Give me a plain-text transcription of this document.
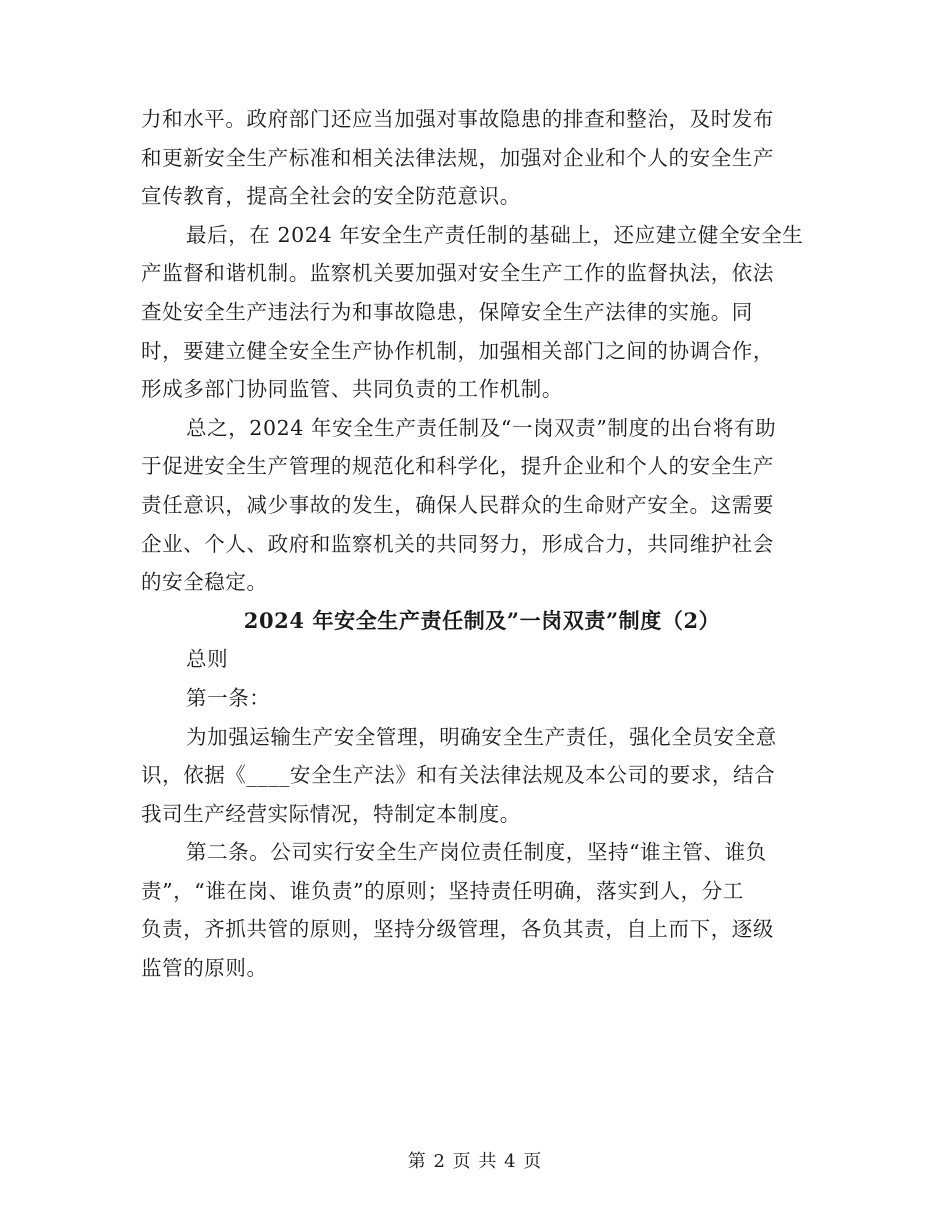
力和水平。政府部门还应当加强对事故隐患的排查和整治，及时发布
和更新安全生产标准和相关法律法规，加强对企业和个人的安全生产
宣传教育，提高全社会的安全防范意识。

最后，在 2024 年安全生产责任制的基础上，还应建立健全安全生
产监督和谐机制。监察机关要加强对安全生产工作的监督执法，依法
查处安全生产违法行为和事故隐患，保障安全生产法律的实施。同
时，要建立健全安全生产协作机制，加强相关部门之间的协调合作，
形成多部门协同监管、共同负责的工作机制。

总之，2024 年安全生产责任制及“一岗双责”制度的出台将有助
于促进安全生产管理的规范化和科学化，提升企业和个人的安全生产
责任意识，减少事故的发生，确保人民群众的生命财产安全。这需要
企业、个人、政府和监察机关的共同努力，形成合力，共同维护社会
的安全稳定。

2024 年安全生产责任制及”一岗双责”制度（2）

总则

第一条：

为加强运输生产安全管理，明确安全生产责任，强化全员安全意
识，依据《____安全生产法》和有关法律法规及本公司的要求，结合
我司生产经营实际情况，特制定本制度。

第二条。公司实行安全生产岗位责任制度，坚持“谁主管、谁负
责”，“谁在岗、谁负责”的原则；坚持责任明确，落实到人，分工
负责，齐抓共管的原则，坚持分级管理，各负其责，自上而下，逐级
监管的原则。

第 2 页 共 4 页
